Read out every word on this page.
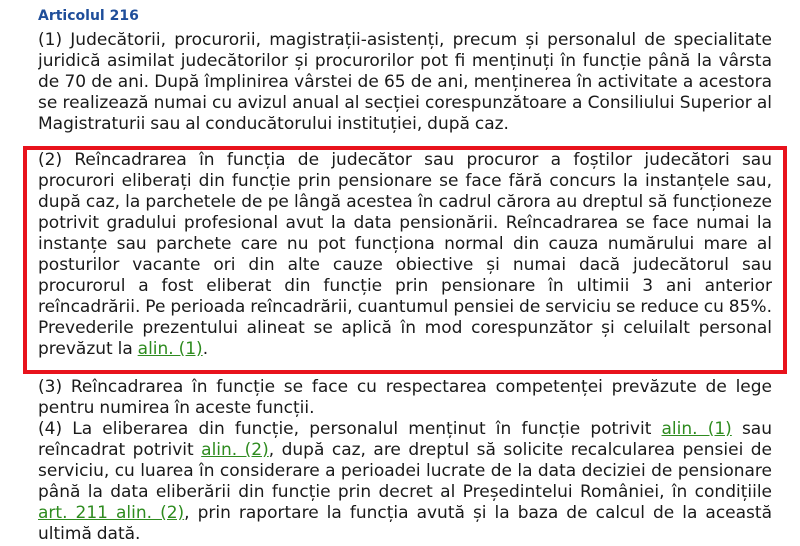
Articolul 216

(1) Judecătorii, procurorii, magistrații-asistenți, precum și personalul de specialitate juridică asimilat judecătorilor și procurorilor pot fi menținuți în funcție până la vârsta de 70 de ani. După împlinirea vârstei de 65 de ani, menținerea în activitate a acestora se realizează numai cu avizul anual al secției corespunzătoare a Consiliului Superior al Magistraturii sau al conducătorului instituției, după caz.

(2) Reîncadrarea în funcția de judecător sau procuror a foștilor judecători sau procurori eliberați din funcție prin pensionare se face fără concurs la instanțele sau, după caz, la parchetele de pe lângă acestea în cadrul cărora au dreptul să funcționeze potrivit gradului profesional avut la data pensionării. Reîncadrarea se face numai la instanțe sau parchete care nu pot funcționa normal din cauza numărului mare al posturilor vacante ori din alte cauze obiective și numai dacă judecătorul sau procurorul a fost eliberat din funcție prin pensionare în ultimii 3 ani anterior reîncadrării. Pe perioada reîncadrării, cuantumul pensiei de serviciu se reduce cu 85%. Prevederile prezentului alineat se aplică în mod corespunzător și celuilalt personal prevăzut la alin. (1).

(3) Reîncadrarea în funcție se face cu respectarea competenței prevăzute de lege pentru numirea în aceste funcții.

(4) La eliberarea din funcție, personalul menținut în funcție potrivit alin. (1) sau reîncadrat potrivit alin. (2), după caz, are dreptul să solicite recalcularea pensiei de serviciu, cu luarea în considerare a perioadei lucrate de la data deciziei de pensionare până la data eliberării din funcție prin decret al Președintelui României, în condițiile art. 211 alin. (2), prin raportare la funcția avută și la baza de calcul de la această ultimă dată.
